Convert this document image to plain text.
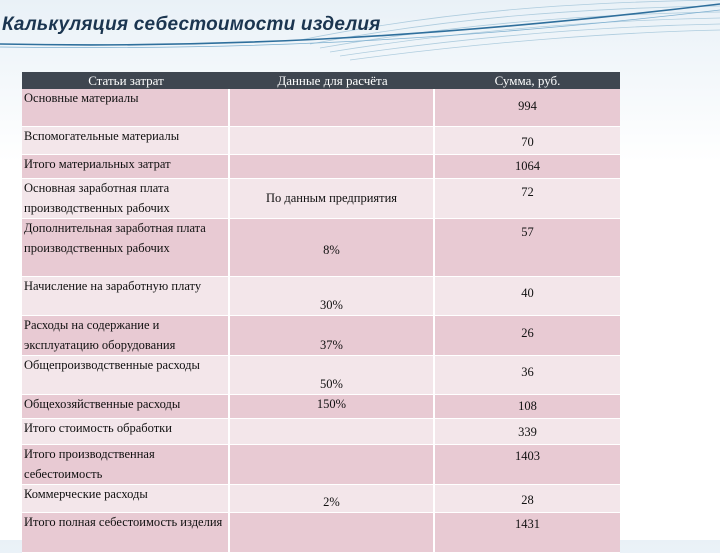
Калькуляция себестоимости изделия
Статьи затрат	Данные для расчёта	Сумма, руб.
Основные материалы		994
Вспомогательные материалы		70
Итого материальных затрат		1064
Основная заработная плата производственных рабочих	По данным предприятия	72
Дополнительная заработная плата производственных рабочих	8%	57
Начисление на заработную плату	30%	40
Расходы на содержание и эксплуатацию оборудования	37%	26
Общепроизводственные расходы	50%	36
Общехозяйственные расходы	150%	108
Итого стоимость обработки		339
Итого производственная себестоимость		1403
Коммерческие расходы	2%	28
Итого полная себестоимость изделия		1431
